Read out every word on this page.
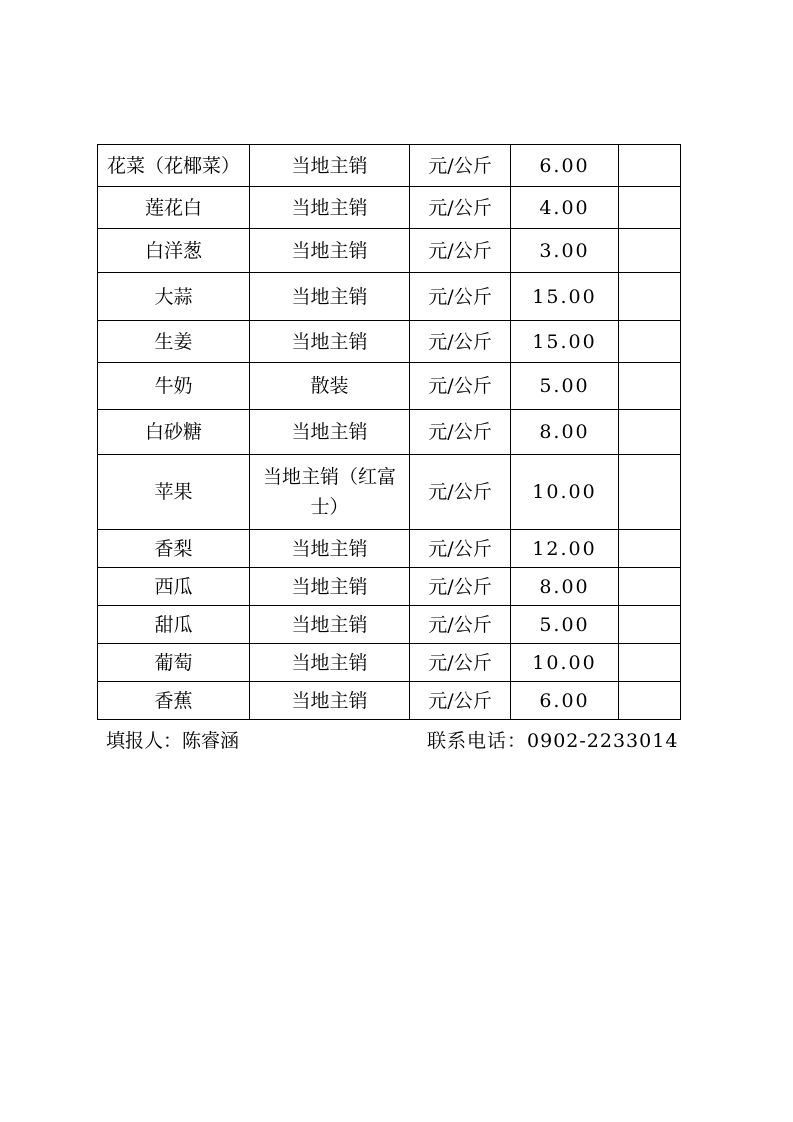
花菜（花椰菜）	当地主销	元/公斤	6.00	
莲花白	当地主销	元/公斤	4.00	
白洋葱	当地主销	元/公斤	3.00	
大蒜	当地主销	元/公斤	15.00	
生姜	当地主销	元/公斤	15.00	
牛奶	散装	元/公斤	5.00	
白砂糖	当地主销	元/公斤	8.00	
苹果	当地主销（红富士）	元/公斤	10.00	
香梨	当地主销	元/公斤	12.00	
西瓜	当地主销	元/公斤	8.00	
甜瓜	当地主销	元/公斤	5.00	
葡萄	当地主销	元/公斤	10.00	
香蕉	当地主销	元/公斤	6.00	
填报人：陈睿涵	联系电话：0902-2233014
